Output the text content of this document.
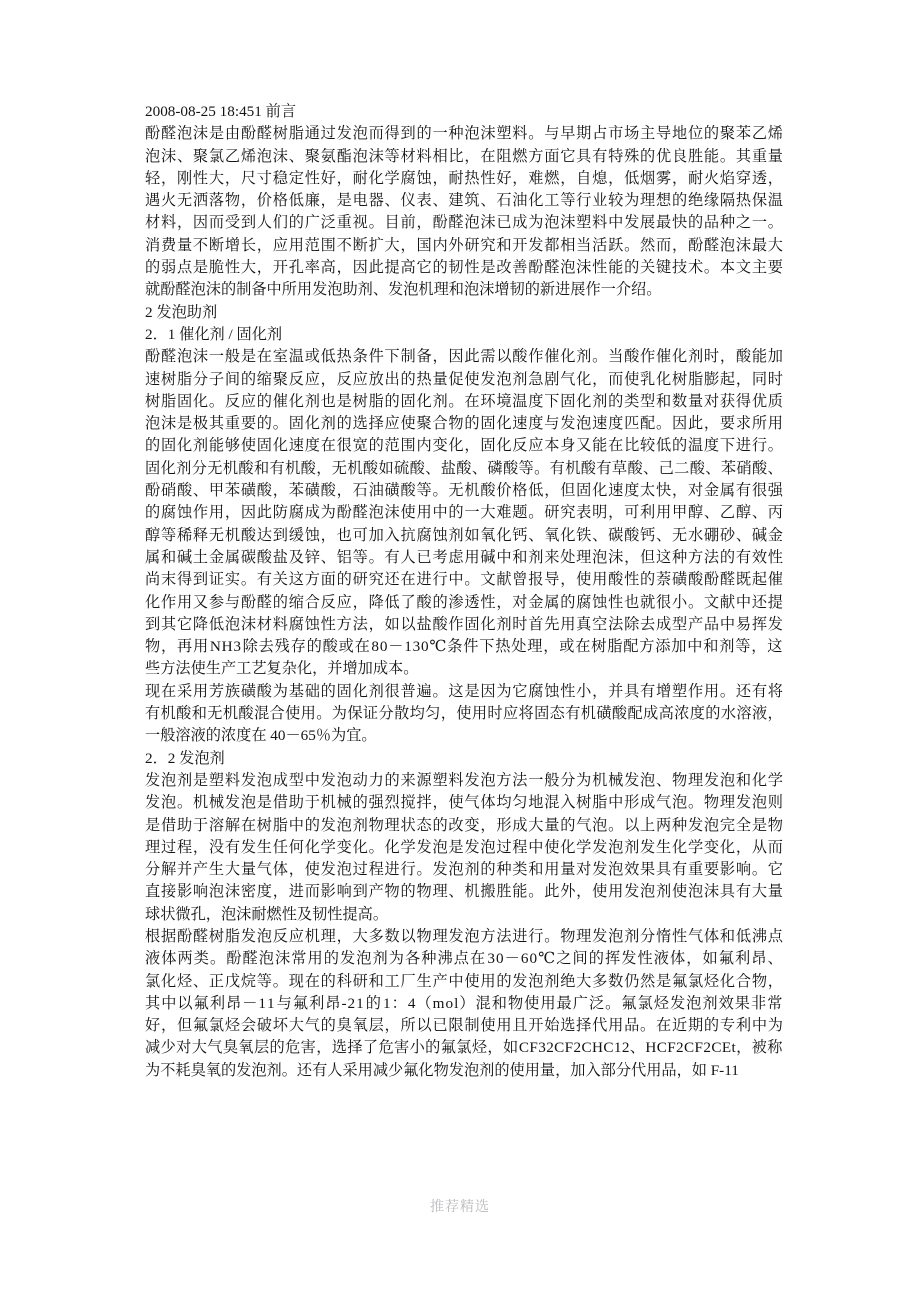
2008-08-25 18:451 前言
酚 醛 泡 沫 是 由 酚 醛 树 脂 通 过 发 泡 而 得 到 的 一 种 泡 沫 塑 料 。 与 早 期 占 市 场 主 导 地 位 的 聚 苯 乙 烯
泡 沫 、 聚 氯 乙 烯 泡 沫 、 聚 氨 酯 泡 沫 等 材 料 相 比 ， 在 阻 燃 方 面 它 具 有 特 殊 的 优 良 胜 能 。 其 重 量
轻 ， 刚 性 大 ， 尺 寸 稳 定 性 好 ， 耐 化 学 腐 蚀 ， 耐 热 性 好 ， 难 燃 ， 自 熄 ， 低 烟 雾 ， 耐 火 焰 穿 透 ，
遇 火 无 洒 落 物 ， 价 格 低 廉 ， 是 电 器 、 仪 表 、 建 筑 、 石 油 化 工 等 行 业 较 为 理 想 的 绝 缘 隔 热 保 温
材 料 ， 因 而 受 到 人 们 的 广 泛 重 视 。 目 前 ， 酚 醛 泡 沫 已 成 为 泡 沫 塑 料 中 发 展 最 快 的 品 种 之 一 。
消 费 量 不 断 增 长 ， 应 用 范 围 不 断 扩 大 ， 国 内 外 研 究 和 开 发 都 相 当 活 跃 。 然 而 ， 酚 醛 泡 沫 最 大
的 弱 点 是 脆 性 大 ， 开 孔 率 高 ， 因 此 提 高 它 的 韧 性 是 改 善 酚 醛 泡 沫 性 能 的 关 键 技 术 。 本 文 主 要
就酚醛泡沫的制备中所用发泡助剂、发泡机理和泡沫增韧的新进展作一介绍。
2 发泡助剂
2．1 催化剂 / 固化剂
酚 醛 泡 沫 一 般 是 在 室 温 或 低 热 条 件 下 制 备 ， 因 此 需 以 酸 作 催 化 剂 。 当 酸 作 催 化 剂 时 ， 酸 能 加
速 树 脂 分 子 间 的 缩 聚 反 应 ， 反 应 放 出 的 热 量 促 使 发 泡 剂 急 剧 气 化 ， 而 使 乳 化 树 脂 膨 起 ， 同 时
树 脂 固 化 。 反 应 的 催 化 剂 也 是 树 脂 的 固 化 剂 。 在 环 境 温 度 下 固 化 剂 的 类 型 和 数 量 对 获 得 优 质
泡 沫 是 极 其 重 要 的 。 固 化 剂 的 选 择 应 使 聚 合 物 的 固 化 速 度 与 发 泡 速 度 匹 配 。 因 此 ， 要 求 所 用
的 固 化 剂 能 够 使 固 化 速 度 在 很 宽 的 范 围 内 变 化 ， 固 化 反 应 本 身 又 能 在 比 较 低 的 温 度 下 进 行 。
固 化 剂 分 无 机 酸 和 有 机 酸 ， 无 机 酸 如 硫 酸 、 盐 酸 、 磷 酸 等 。 有 机 酸 有 草 酸 、 己 二 酸 、 苯 硝 酸 、
酚 硝 酸 、 甲 苯 磺 酸 ， 苯 磺 酸 ， 石 油 磺 酸 等 。 无 机 酸 价 格 低 ， 但 固 化 速 度 太 快 ， 对 金 属 有 很 强
的 腐 蚀 作 用 ， 因 此 防 腐 成 为 酚 醛 泡 沫 使 用 中 的 一 大 难 题 。 研 究 表 明 ， 可 利 用 甲 醇 、 乙 醇 、 丙
醇 等 稀 释 无 机 酸 达 到 缓 蚀 ， 也 可 加 入 抗 腐 蚀 剂 如 氧 化 钙 、 氧 化 铁 、 碳 酸 钙 、 无 水 硼 砂 、 碱 金
属 和 碱 土 金 属 碳 酸 盐 及 锌 、 铝 等 。 有 人 已 考 虑 用 碱 中 和 剂 来 处 理 泡 沫 ， 但 这 种 方 法 的 有 效 性
尚 末 得 到 证 实 。 有 关 这 方 面 的 研 究 还 在 进 行 中 。 文 献 曾 报 导 ， 使 用 酸 性 的 萘 磺 酸 酚 醛 既 起 催
化 作 用 又 参 与 酚 醛 的 缩 合 反 应 ， 降 低 了 酸 的 渗 透 性 ， 对 金 属 的 腐 蚀 性 也 就 很 小 。 文 献 中 还 提
到 其 它 降 低 泡 沫 材 料 腐 蚀 性 方 法 ， 如 以 盐 酸 作 固 化 剂 时 首 先 用 真 空 法 除 去 成 型 产 品 中 易 挥 发
物 ， 再 用 N H 3 除 去 残 存 的 酸 或 在 8 0 － 1 3 0 ℃ 条 件 下 热 处 理 ， 或 在 树 脂 配 方 添 加 中 和 剂 等 ， 这
些方法使生产工艺复杂化，并增加成本。
现 在 采 用 芳 族 磺 酸 为 基 础 的 固 化 剂 很 普 遍 。 这 是 因 为 它 腐 蚀 性 小 ， 并 具 有 增 塑 作 用 。 还 有 将
有 机 酸 和 无 机 酸 混 合 使 用 。 为 保 证 分 散 均 匀 ， 使 用 时 应 将 固 态 有 机 磺 酸 配 成 高 浓 度 的 水 溶 液 ，
一般溶液的浓度在 40－65％为宜。
2．2 发泡剂
发 泡 剂 是 塑 料 发 泡 成 型 中 发 泡 动 力 的 来 源 塑 料 发 泡 方 法 一 般 分 为 机 械 发 泡 、 物 理 发 泡 和 化 学
发 泡 。 机 械 发 泡 是 借 助 于 机 械 的 强 烈 搅 拌 ， 使 气 体 均 匀 地 混 入 树 脂 中 形 成 气 泡 。 物 理 发 泡 则
是 借 助 于 溶 解 在 树 脂 中 的 发 泡 剂 物 理 状 态 的 改 变 ， 形 成 大 量 的 气 泡 。 以 上 两 种 发 泡 完 全 是 物
理 过 程 ， 没 有 发 生 任 何 化 学 变 化 。 化 学 发 泡 是 发 泡 过 程 中 使 化 学 发 泡 剂 发 生 化 学 变 化 ， 从 而
分 解 并 产 生 大 量 气 体 ， 使 发 泡 过 程 进 行 。 发 泡 剂 的 种 类 和 用 量 对 发 泡 效 果 具 有 重 要 影 响 。 它
直 接 影 响 泡 沫 密 度 ， 进 而 影 响 到 产 物 的 物 理 、 机 搬 胜 能 。 此 外 ， 使 用 发 泡 剂 使 泡 沫 具 有 大 量
球状微孔，泡沫耐燃性及韧性提高。
根 据 酚 醛 树 脂 发 泡 反 应 机 理 ， 大 多 数 以 物 理 发 泡 方 法 进 行 。 物 理 发 泡 剂 分 惰 性 气 体 和 低 沸 点
液 体 两 类 。 酚 醛 泡 沫 常 用 的 发 泡 剂 为 各 种 沸 点 在 3 0 － 6 0 ℃ 之 间 的 挥 发 性 液 体 ， 如 氟 利 昂 、
氯 化 烃 、 正 戊 烷 等 。 现 在 的 科 研 和 工 厂 生 产 中 使 用 的 发 泡 剂 绝 大 多 数 仍 然 是 氟 氯 烃 化 合 物 ，
其 中 以 氟 利 昂 － 1 1 与 氟 利 昂 - 2 1 的 1 ： 4 （ m o l ） 混 和 物 使 用 最 广 泛 。 氟 氯 烃 发 泡 剂 效 果 非 常
好 ， 但 氟 氯 烃 会 破 坏 大 气 的 臭 氧 层 ， 所 以 已 限 制 使 用 且 开 始 选 择 代 用 品 。 在 近 期 的 专 利 中 为
减 少 对 大 气 臭 氧 层 的 危 害 ， 选 择 了 危 害 小 的 氟 氯 烃 ， 如 C F 3 2 C F 2 C H C 1 2 、 H C F 2 C F 2 C E t ， 被 称
为不耗臭氧的发泡剂。还有人采用减少氟化物发泡剂的使用量，加入部分代用品，如 F-11
推荐精选
